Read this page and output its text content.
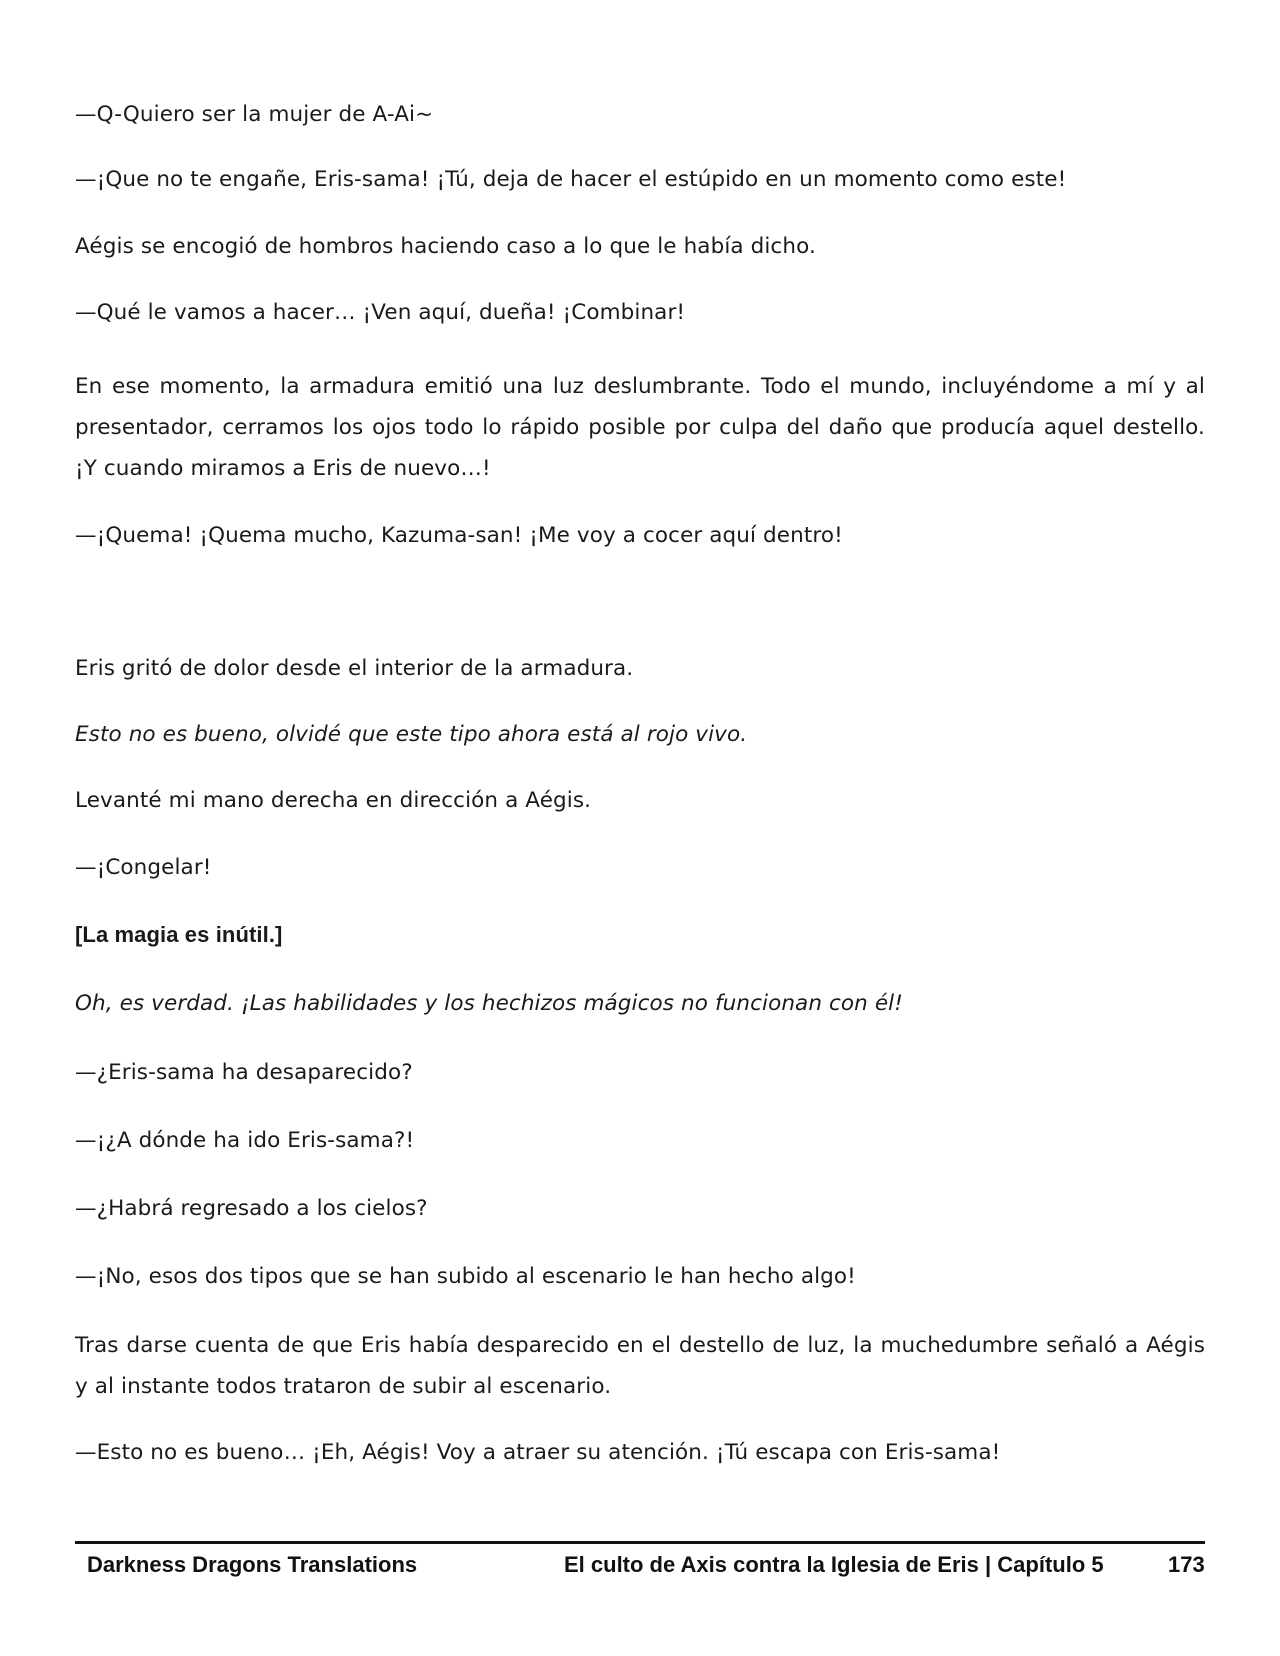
—Q-Quiero ser la mujer de A-Ai~

—¡Que no te engañe, Eris-sama! ¡Tú, deja de hacer el estúpido en un momento como este!

Aégis se encogió de hombros haciendo caso a lo que le había dicho.

—Qué le vamos a hacer… ¡Ven aquí, dueña! ¡Combinar!

En ese momento, la armadura emitió una luz deslumbrante. Todo el mundo, incluyéndome a mí y al presentador, cerramos los ojos todo lo rápido posible por culpa del daño que producía aquel destello. ¡Y cuando miramos a Eris de nuevo…!

—¡Quema! ¡Quema mucho, Kazuma-san! ¡Me voy a cocer aquí dentro!

Eris gritó de dolor desde el interior de la armadura.

Esto no es bueno, olvidé que este tipo ahora está al rojo vivo.

Levanté mi mano derecha en dirección a Aégis.

—¡Congelar!

[La magia es inútil.]

Oh, es verdad. ¡Las habilidades y los hechizos mágicos no funcionan con él!

—¿Eris-sama ha desaparecido?

—¡¿A dónde ha ido Eris-sama?!

—¿Habrá regresado a los cielos?

—¡No, esos dos tipos que se han subido al escenario le han hecho algo!

Tras darse cuenta de que Eris había desparecido en el destello de luz, la muchedumbre señaló a Aégis y al instante todos trataron de subir al escenario.

—Esto no es bueno… ¡Eh, Aégis! Voy a atraer su atención. ¡Tú escapa con Eris-sama!

Darkness Dragons Translations	El culto de Axis contra la Iglesia de Eris | Capítulo 5	173
